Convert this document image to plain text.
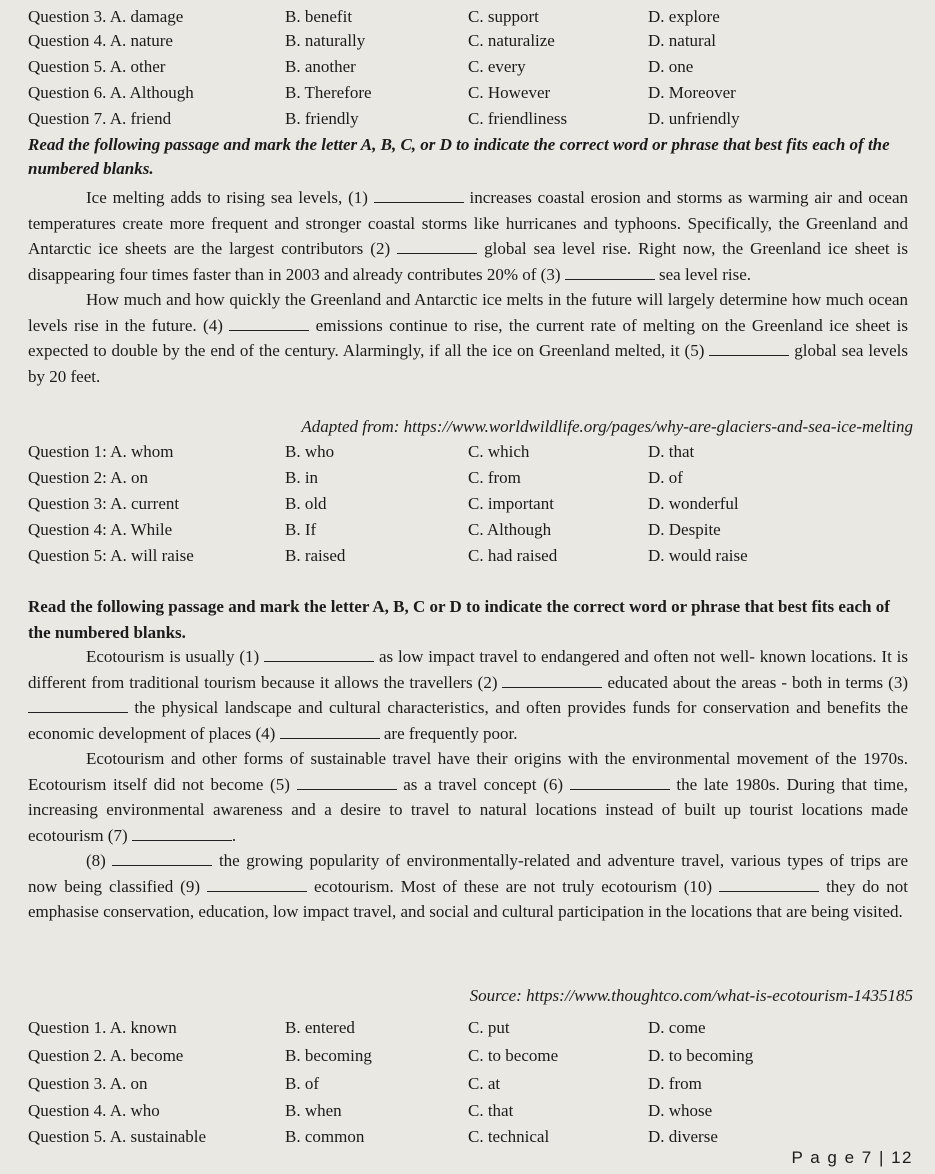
Question 3. A. damage	B. benefit	C. support	D. explore
Question 4. A. nature	B. naturally	C. naturalize	D. natural
Question 5. A. other	B. another	C. every	D. one
Question 6. A. Although	B. Therefore	C. However	D. Moreover
Question 7. A. friend	B. friendly	C. friendliness	D. unfriendly
Read the following passage and mark the letter A, B, C, or D to indicate the correct word or phrase that best fits each of the numbered blanks.

Ice melting adds to rising sea levels, (1)	increases coastal erosion and storms as warming air and ocean temperatures create more frequent and stronger coastal storms like hurricanes and typhoons. Specifically, the Greenland and Antarctic ice sheets are the largest contributors (2)	global sea level rise. Right now, the Greenland ice sheet is disappearing four times faster than in 2003 and already contributes 20% of (3)	sea level rise.

How much and how quickly the Greenland and Antarctic ice melts in the future will largely determine how much ocean levels rise in the future. (4)	emissions continue to rise, the current rate of melting on the Greenland ice sheet is expected to double by the end of the century. Alarmingly, if all the ice on Greenland melted, it (5)	global sea levels by 20 feet.

Adapted from: https://www.worldwildlife.org/pages/why-are-glaciers-and-sea-ice-melting
Question 1: A. whom	B. who	C. which	D. that
Question 2: A. on	B. in	C. from	D. of
Question 3: A. current	B. old	C. important	D. wonderful
Question 4: A. While	B. If	C. Although	D. Despite
Question 5: A. will raise	B. raised	C. had raised	D. would raise
Read the following passage and mark the letter A, B, C or D to indicate the correct word or phrase that best fits each of the numbered blanks.

Ecotourism is usually (1)	as low impact travel to endangered and often not well- known locations. It is different from traditional tourism because it allows the travellers (2)	educated about the areas - both in terms (3)  the physical landscape and cultural characteristics, and often provides funds for conservation and benefits the economic development of places (4)	are frequently poor.

Ecotourism and other forms of sustainable travel have their origins with the environmental movement of the 1970s. Ecotourism itself did not become (5)	as a travel concept (6)	the late 1980s. During that time, increasing environmental awareness and a desire to travel to natural locations instead of built up tourist locations made ecotourism (7)	.

(8)	the growing popularity of environmentally-related and adventure travel, various types of trips are now being classified (9)	ecotourism. Most of these are not truly ecotourism (10)	they do not emphasise conservation, education, low impact travel, and social and cultural participation in the locations that are being visited.

Source: https://www.thoughtco.com/what-is-ecotourism-1435185
Question 1. A. known	B. entered	C. put	D. come
Question 2. A. become	B. becoming	C. to become	D. to becoming
Question 3. A. on	B. of	C. at	D. from
Question 4. A. who	B. when	C. that	D. whose
Question 5. A. sustainable	B. common	C. technical	D. diverse
P a g e 7 | 12
